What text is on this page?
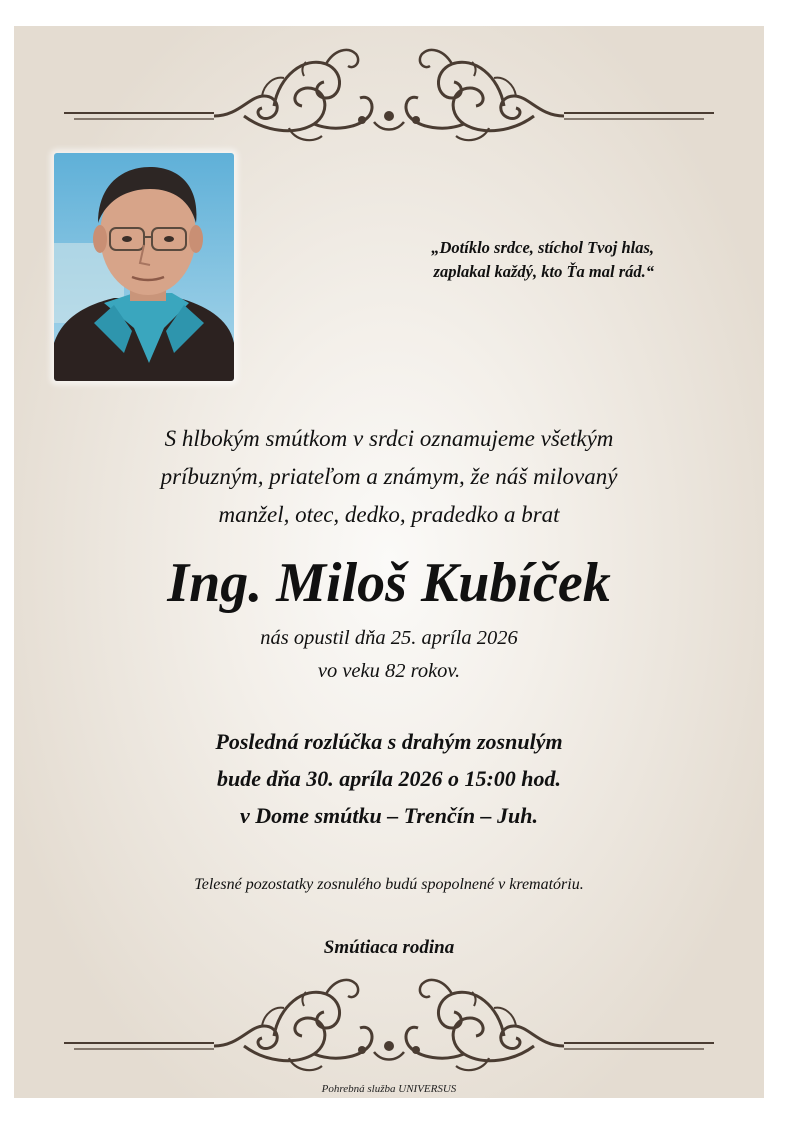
„Dotíklo srdce, stíchol Tvoj hlas,
zaplakal každý, kto Ťa mal rád.“
S hlbokým smútkom v srdci oznamujeme všetkým
príbuzným, priateľom a známym, že náš milovaný
manžel, otec, dedko, pradedko a brat
Ing. Miloš Kubíček
nás opustil dňa 25. apríla 2026
vo veku 82 rokov.
Posledná rozlúčka s drahým zosnulým
bude dňa 30. apríla 2026 o 15:00 hod.
v Dome smútku – Trenčín – Juh.
Telesné pozostatky zosnulého budú spopolnené v krematóriu.
Smútiaca rodina
Pohrebná služba UNIVERSUS
